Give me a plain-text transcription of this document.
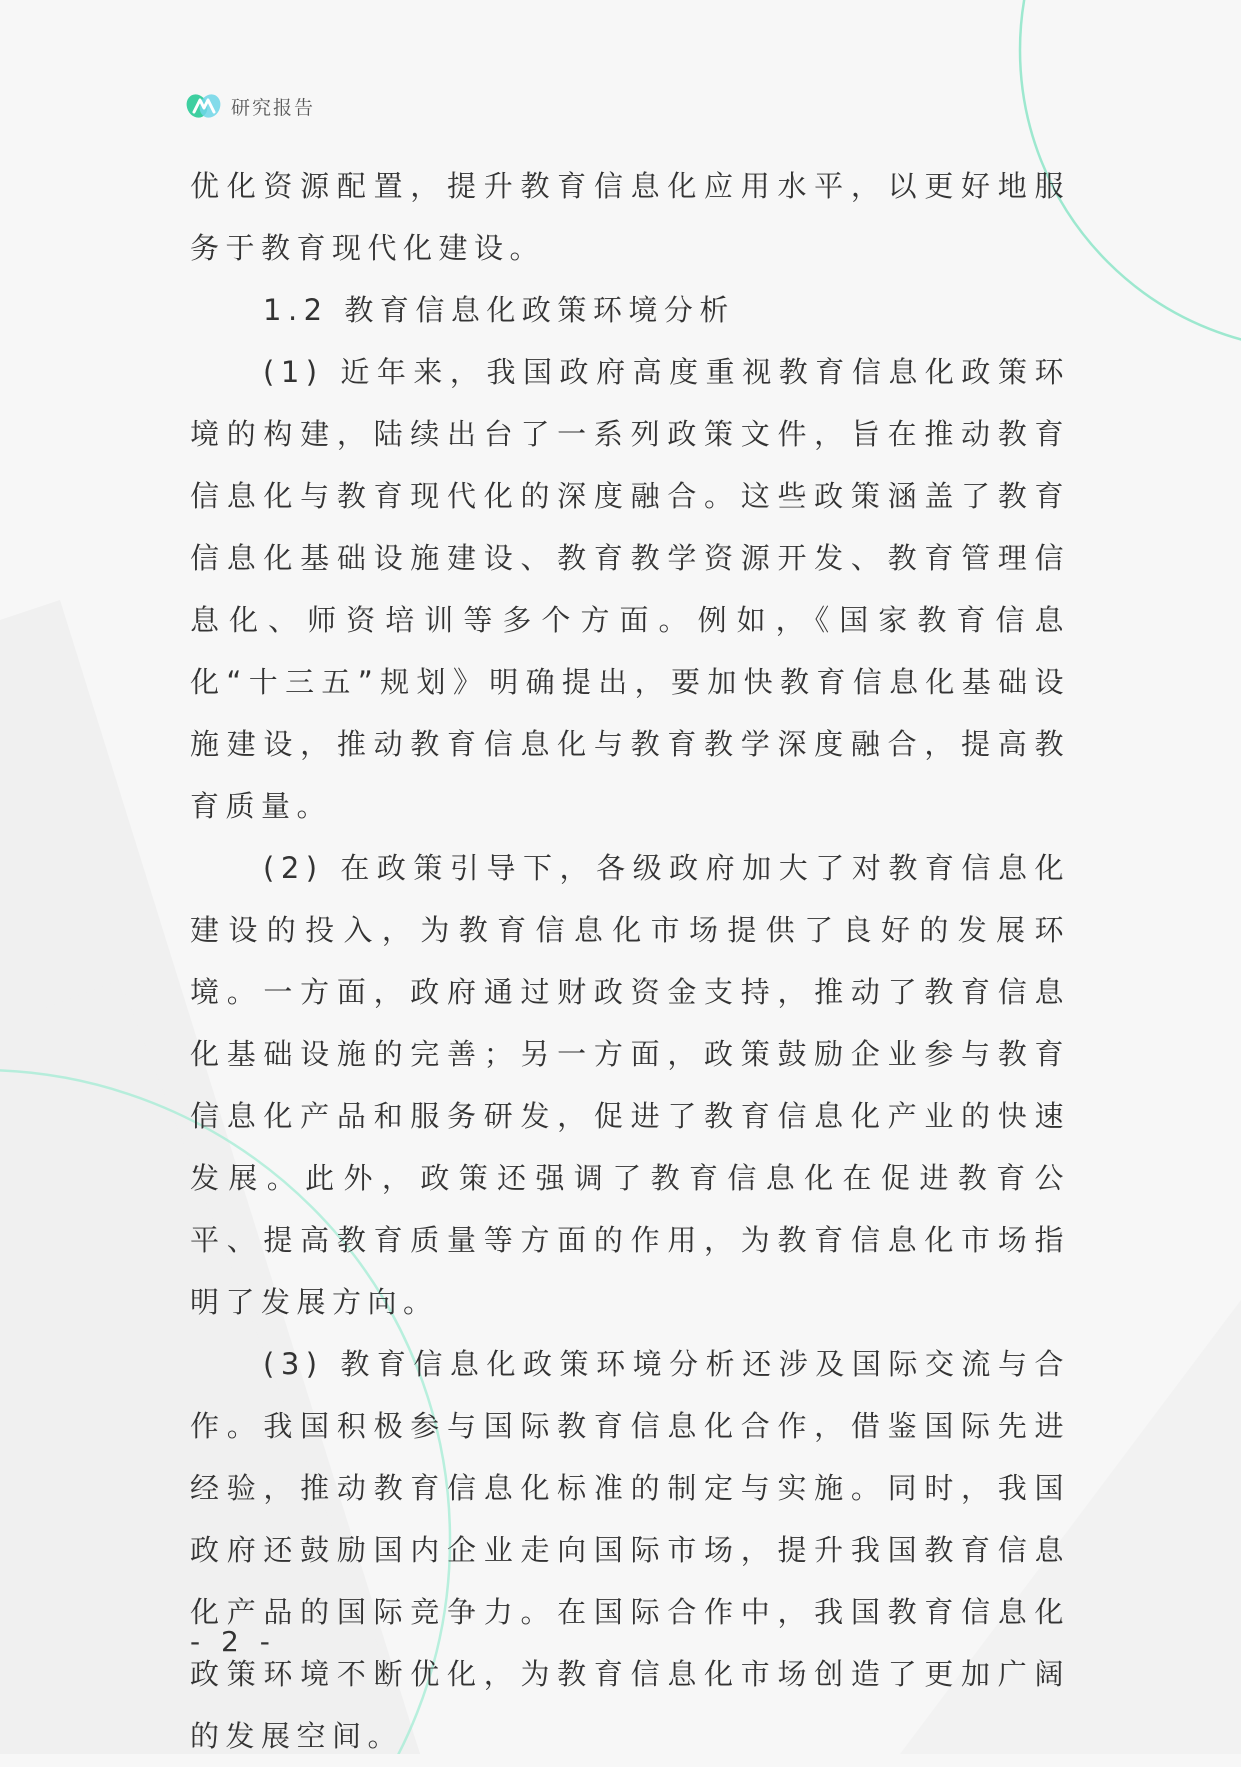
研究报告

优化资源配置，提升教育信息化应用水平，以更好地服务于教育现代化建设。

1.2 教育信息化政策环境分析

(1) 近年来，我国政府高度重视教育信息化政策环境的构建，陆续出台了一系列政策文件，旨在推动教育信息化与教育现代化的深度融合。这些政策涵盖了教育信息化基础设施建设、教育教学资源开发、教育管理信息化、师资培训等多个方面。例如，《国家教育信息化“十三五”规划》明确提出，要加快教育信息化基础设施建设，推动教育信息化与教育教学深度融合，提高教育质量。

(2) 在政策引导下，各级政府加大了对教育信息化建设的投入，为教育信息化市场提供了良好的发展环境。一方面，政府通过财政资金支持，推动了教育信息化基础设施的完善；另一方面，政策鼓励企业参与教育信息化产品和服务研发，促进了教育信息化产业的快速发展。此外，政策还强调了教育信息化在促进教育公平、提高教育质量等方面的作用，为教育信息化市场指明了发展方向。

(3) 教育信息化政策环境分析还涉及国际交流与合作。我国积极参与国际教育信息化合作，借鉴国际先进经验，推动教育信息化标准的制定与实施。同时，我国政府还鼓励国内企业走向国际市场，提升我国教育信息化产品的国际竞争力。在国际合作中，我国教育信息化政策环境不断优化，为教育信息化市场创造了更加广阔的发展空间。

- 2 -
